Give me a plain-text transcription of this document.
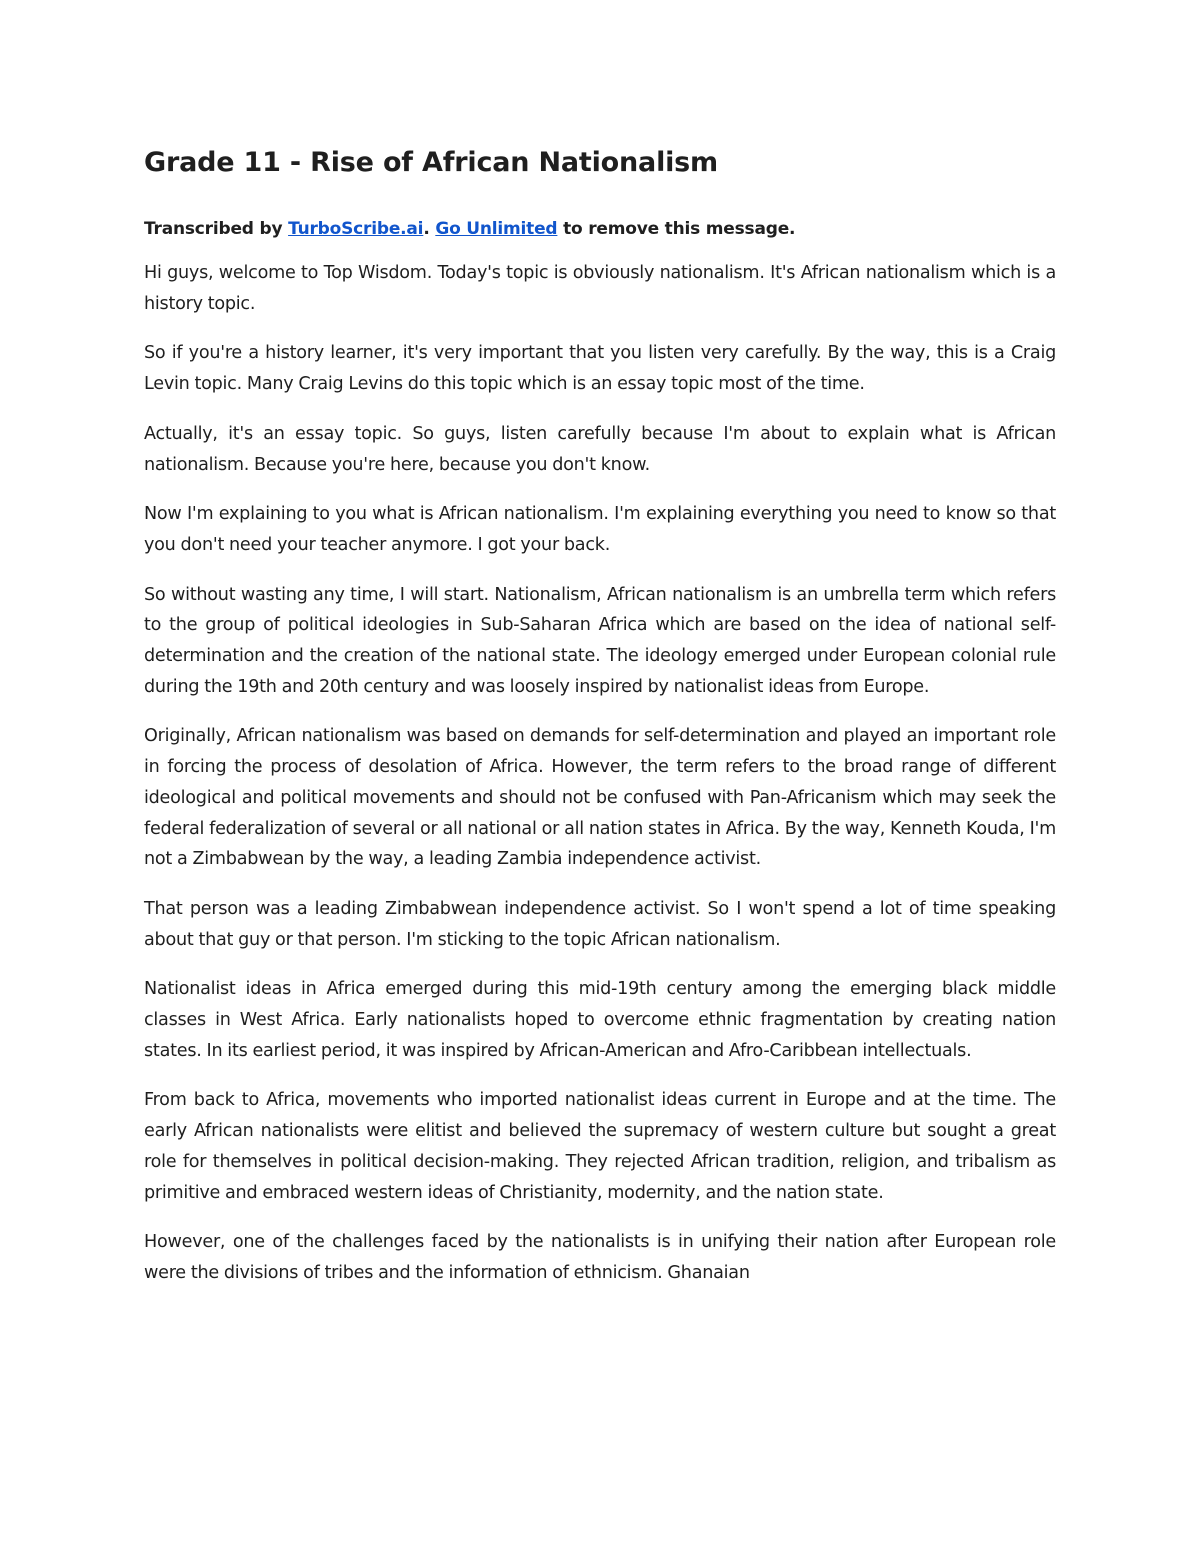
Grade 11 - Rise of African Nationalism

Transcribed by TurboScribe.ai. Go Unlimited to remove this message.

Hi guys, welcome to Top Wisdom. Today's topic is obviously nationalism. It's African nationalism which is a history topic.

So if you're a history learner, it's very important that you listen very carefully. By the way, this is a Craig Levin topic. Many Craig Levins do this topic which is an essay topic most of the time.

Actually, it's an essay topic. So guys, listen carefully because I'm about to explain what is African nationalism. Because you're here, because you don't know.

Now I'm explaining to you what is African nationalism. I'm explaining everything you need to know so that you don't need your teacher anymore. I got your back.

So without wasting any time, I will start. Nationalism, African nationalism is an umbrella term which refers to the group of political ideologies in Sub-Saharan Africa which are based on the idea of national self-determination and the creation of the national state. The ideology emerged under European colonial rule during the 19th and 20th century and was loosely inspired by nationalist ideas from Europe.

Originally, African nationalism was based on demands for self-determination and played an important role in forcing the process of desolation of Africa. However, the term refers to the broad range of different ideological and political movements and should not be confused with Pan-Africanism which may seek the federal federalization of several or all national or all nation states in Africa. By the way, Kenneth Kouda, I'm not a Zimbabwean by the way, a leading Zambia independence activist.

That person was a leading Zimbabwean independence activist. So I won't spend a lot of time speaking about that guy or that person. I'm sticking to the topic African nationalism.

Nationalist ideas in Africa emerged during this mid-19th century among the emerging black middle classes in West Africa. Early nationalists hoped to overcome ethnic fragmentation by creating nation states. In its earliest period, it was inspired by African-American and Afro-Caribbean intellectuals.

From back to Africa, movements who imported nationalist ideas current in Europe and at the time. The early African nationalists were elitist and believed the supremacy of western culture but sought a great role for themselves in political decision-making. They rejected African tradition, religion, and tribalism as primitive and embraced western ideas of Christianity, modernity, and the nation state.

However, one of the challenges faced by the nationalists is in unifying their nation after European role were the divisions of tribes and the information of ethnicism. Ghanaian
